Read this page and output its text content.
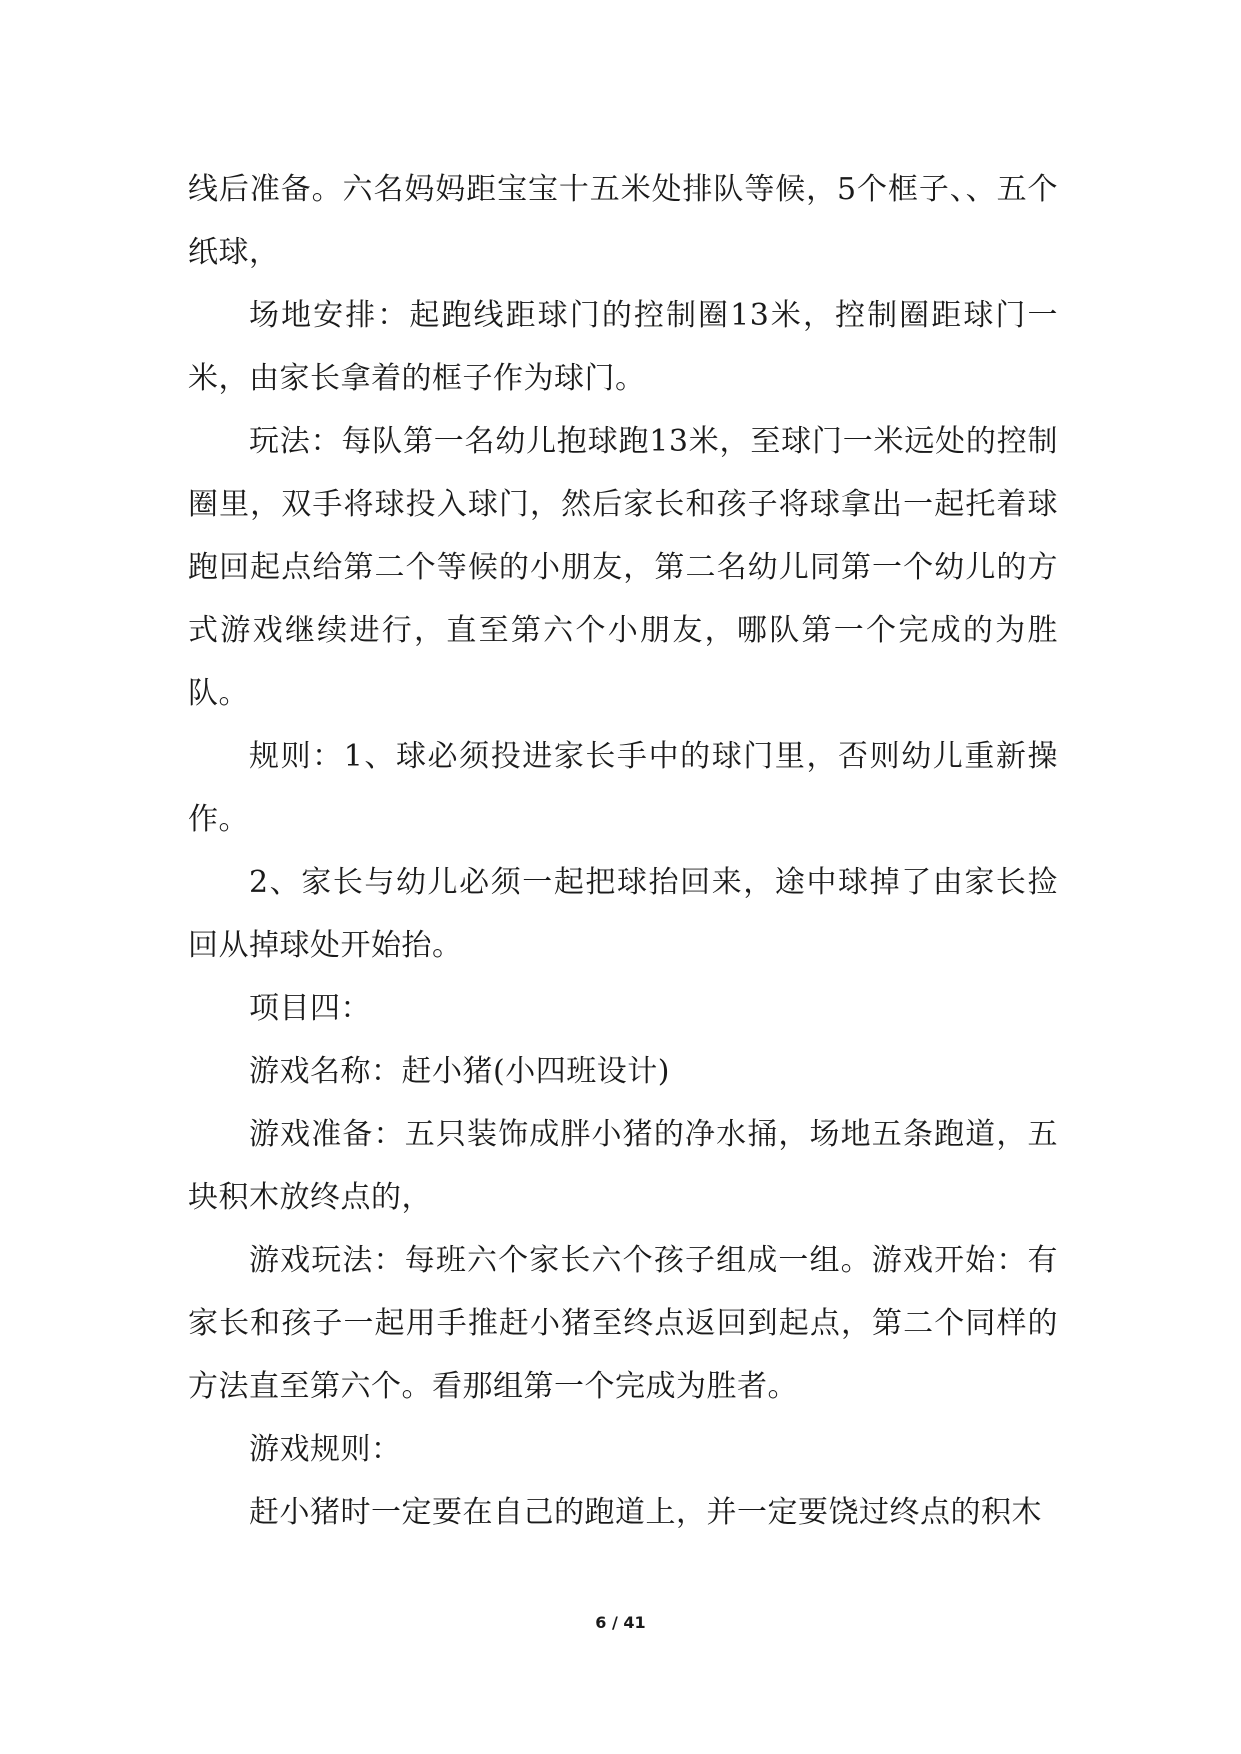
线后准备。六名妈妈距宝宝十五米处排队等候，5个框子、、五个纸球，

场地安排：起跑线距球门的控制圈13米，控制圈距球门一米，由家长拿着的框子作为球门。

玩法：每队第一名幼儿抱球跑13米，至球门一米远处的控制圈里，双手将球投入球门，然后家长和孩子将球拿出一起托着球跑回起点给第二个等候的小朋友，第二名幼儿同第一个幼儿的方式游戏继续进行，直至第六个小朋友，哪队第一个完成的为胜队。

规则：1、球必须投进家长手中的球门里，否则幼儿重新操作。

2、家长与幼儿必须一起把球抬回来，途中球掉了由家长捡回从掉球处开始抬。

项目四：

游戏名称：赶小猪(小四班设计)

游戏准备：五只装饰成胖小猪的净水捅，场地五条跑道，五块积木放终点的，

游戏玩法：每班六个家长六个孩子组成一组。游戏开始：有家长和孩子一起用手推赶小猪至终点返回到起点，第二个同样的方法直至第六个。看那组第一个完成为胜者。

游戏规则：

赶小猪时一定要在自己的跑道上，并一定要饶过终点的积木

6 / 41
